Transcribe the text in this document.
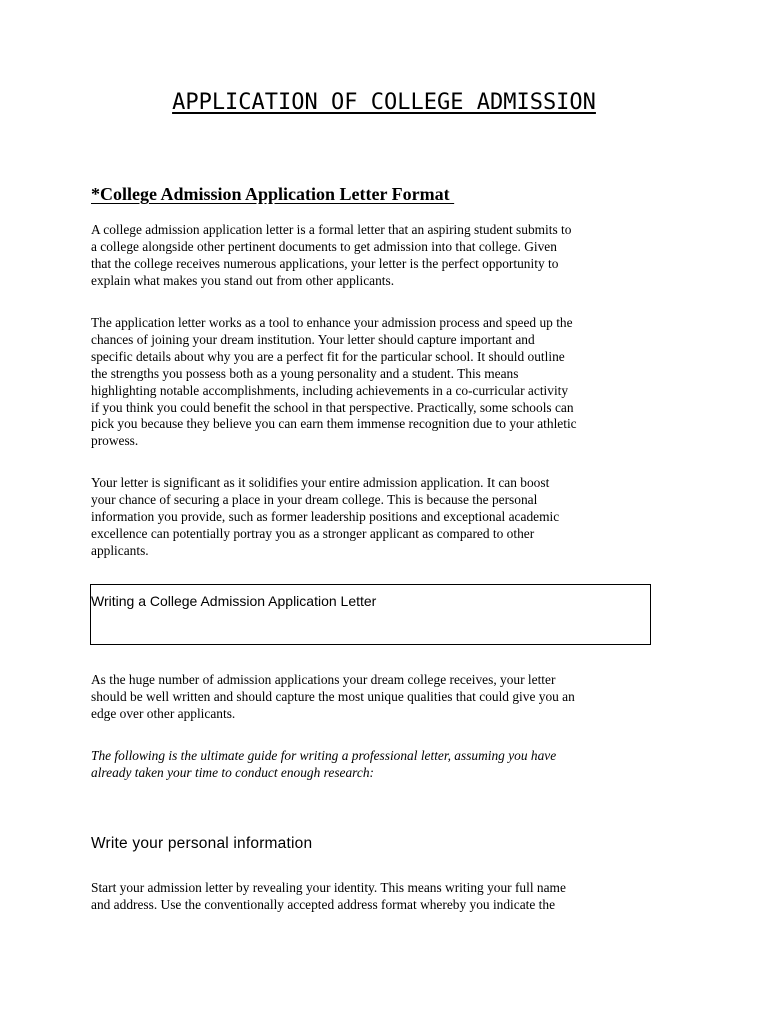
APPLICATION OF COLLEGE ADMISSION
*College Admission Application Letter Format

A college admission application letter is a formal letter that an aspiring student submits to
a college alongside other pertinent documents to get admission into that college. Given
that the college receives numerous applications, your letter is the perfect opportunity to
explain what makes you stand out from other applicants.

The application letter works as a tool to enhance your admission process and speed up the
chances of joining your dream institution. Your letter should capture important and
specific details about why you are a perfect fit for the particular school. It should outline
the strengths you possess both as a young personality and a student. This means
highlighting notable accomplishments, including achievements in a co-curricular activity
if you think you could benefit the school in that perspective. Practically, some schools can
pick you because they believe you can earn them immense recognition due to your athletic
prowess.

Your letter is significant as it solidifies your entire admission application. It can boost
your chance of securing a place in your dream college. This is because the personal
information you provide, such as former leadership positions and exceptional academic
excellence can potentially portray you as a stronger applicant as compared to other
applicants.

Writing a College Admission Application Letter

As the huge number of admission applications your dream college receives, your letter
should be well written and should capture the most unique qualities that could give you an
edge over other applicants.

The following is the ultimate guide for writing a professional letter, assuming you have
already taken your time to conduct enough research:

Write your personal information

Start your admission letter by revealing your identity. This means writing your full name
and address. Use the conventionally accepted address format whereby you indicate the
